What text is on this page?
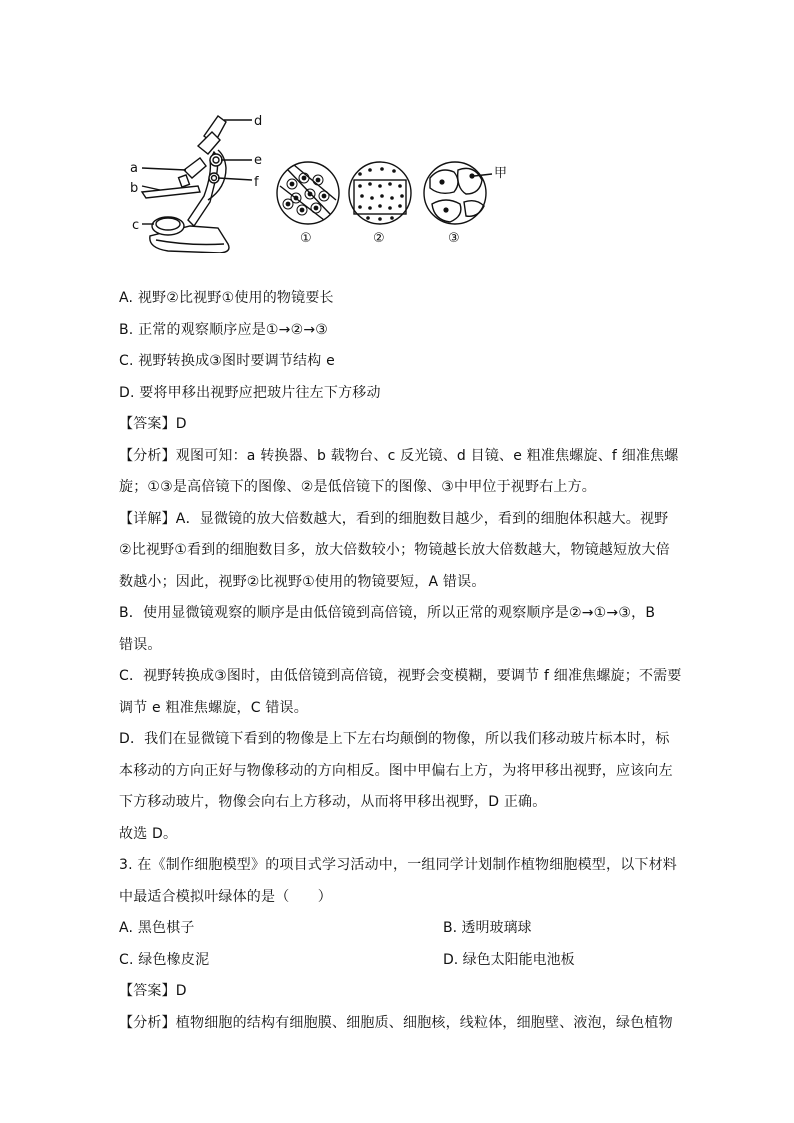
d
e
f
a
b
c
①	②	③
甲
A. 视野②比视野①使用的物镜要长
B. 正常的观察顺序应是①→②→③
C. 视野转换成③图时要调节结构 e
D. 要将甲移出视野应把玻片往左下方移动
【答案】D
【分析】观图可知：a 转换器、b 载物台、c 反光镜、d 目镜、e 粗准焦螺旋、f 细准焦螺
旋；①③是高倍镜下的图像、②是低倍镜下的图像、③中甲位于视野右上方。
【详解】A．显微镜的放大倍数越大，看到的细胞数目越少，看到的细胞体积越大。视野
②比视野①看到的细胞数目多，放大倍数较小；物镜越长放大倍数越大，物镜越短放大倍
数越小；因此，视野②比视野①使用的物镜要短，A 错误。
B．使用显微镜观察的顺序是由低倍镜到高倍镜，所以正常的观察顺序是②→①→③，B
错误。
C．视野转换成③图时，由低倍镜到高倍镜，视野会变模糊，要调节 f 细准焦螺旋；不需要
调节 e 粗准焦螺旋，C 错误。
D．我们在显微镜下看到的物像是上下左右均颠倒的物像，所以我们移动玻片标本时，标
本移动的方向正好与物像移动的方向相反。图中甲偏右上方，为将甲移出视野，应该向左
下方移动玻片，物像会向右上方移动，从而将甲移出视野，D 正确。
故选 D。
3. 在《制作细胞模型》的项目式学习活动中，一组同学计划制作植物细胞模型，以下材料
中最适合模拟叶绿体的是（　　）
A. 黑色棋子	B. 透明玻璃球
C. 绿色橡皮泥	D. 绿色太阳能电池板
【答案】D
【分析】植物细胞的结构有细胞膜、细胞质、细胞核，线粒体，细胞壁、液泡，绿色植物
